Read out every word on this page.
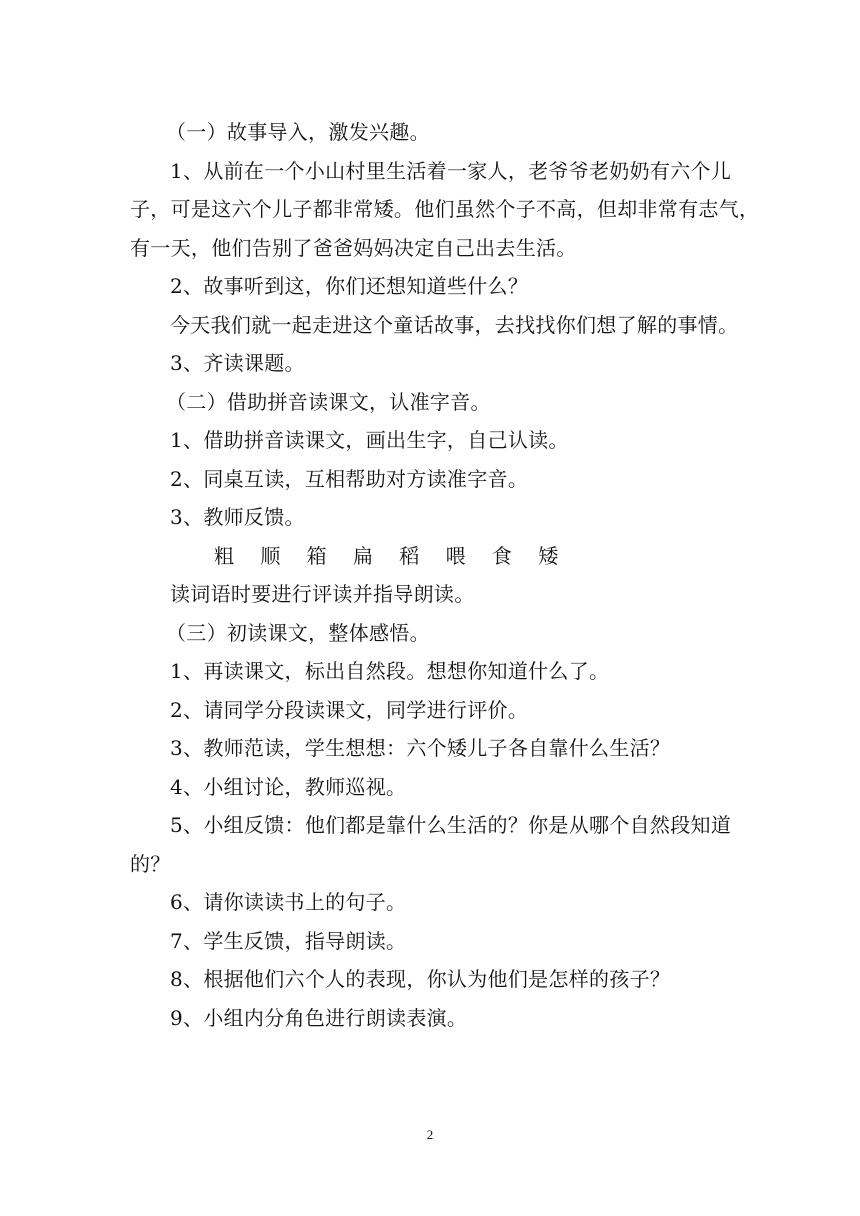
（一）故事导入，激发兴趣。
1、从前在一个小山村里生活着一家人，老爷爷老奶奶有六个儿
子，可是这六个儿子都非常矮。他们虽然个子不高，但却非常有志气，
有一天，他们告别了爸爸妈妈决定自己出去生活。
2、故事听到这，你们还想知道些什么？
今天我们就一起走进这个童话故事，去找找你们想了解的事情。
3、齐读课题。
（二）借助拼音读课文，认准字音。
1、借助拼音读课文，画出生字，自己认读。
2、同桌互读，互相帮助对方读准字音。
3、教师反馈。
粗 顺 箱 扁 稻 喂 食 矮
读词语时要进行评读并指导朗读。
（三）初读课文，整体感悟。
1、再读课文，标出自然段。想想你知道什么了。
2、请同学分段读课文，同学进行评价。
3、教师范读，学生想想：六个矮儿子各自靠什么生活？
4、小组讨论，教师巡视。
5、小组反馈：他们都是靠什么生活的？你是从哪个自然段知道
的？
6、请你读读书上的句子。
7、学生反馈，指导朗读。
8、根据他们六个人的表现，你认为他们是怎样的孩子？
9、小组内分角色进行朗读表演。
2
